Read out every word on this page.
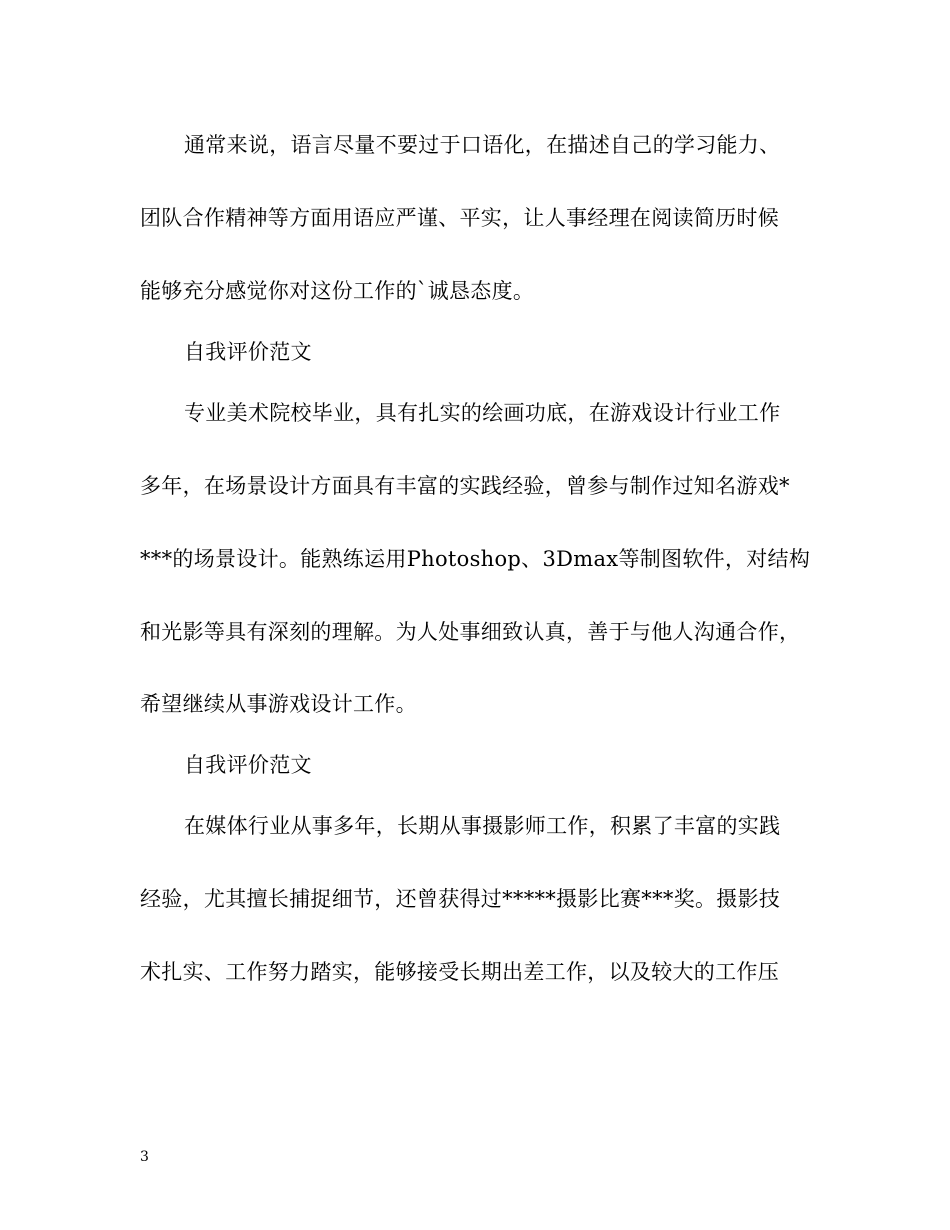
通常来说，语言尽量不要过于口语化，在描述自己的学习能力、
团队合作精神等方面用语应严谨、平实，让人事经理在阅读简历时候
能够充分感觉你对这份工作的`诚恳态度。
自我评价范文
专业美术院校毕业，具有扎实的绘画功底，在游戏设计行业工作
多年，在场景设计方面具有丰富的实践经验，曾参与制作过知名游戏*
***的场景设计。能熟练运用Photoshop、3Dmax等制图软件，对结构
和光影等具有深刻的理解。为人处事细致认真，善于与他人沟通合作，
希望继续从事游戏设计工作。
自我评价范文
在媒体行业从事多年，长期从事摄影师工作，积累了丰富的实践
经验，尤其擅长捕捉细节，还曾获得过*****摄影比赛***奖。摄影技
术扎实、工作努力踏实，能够接受长期出差工作，以及较大的工作压
3
